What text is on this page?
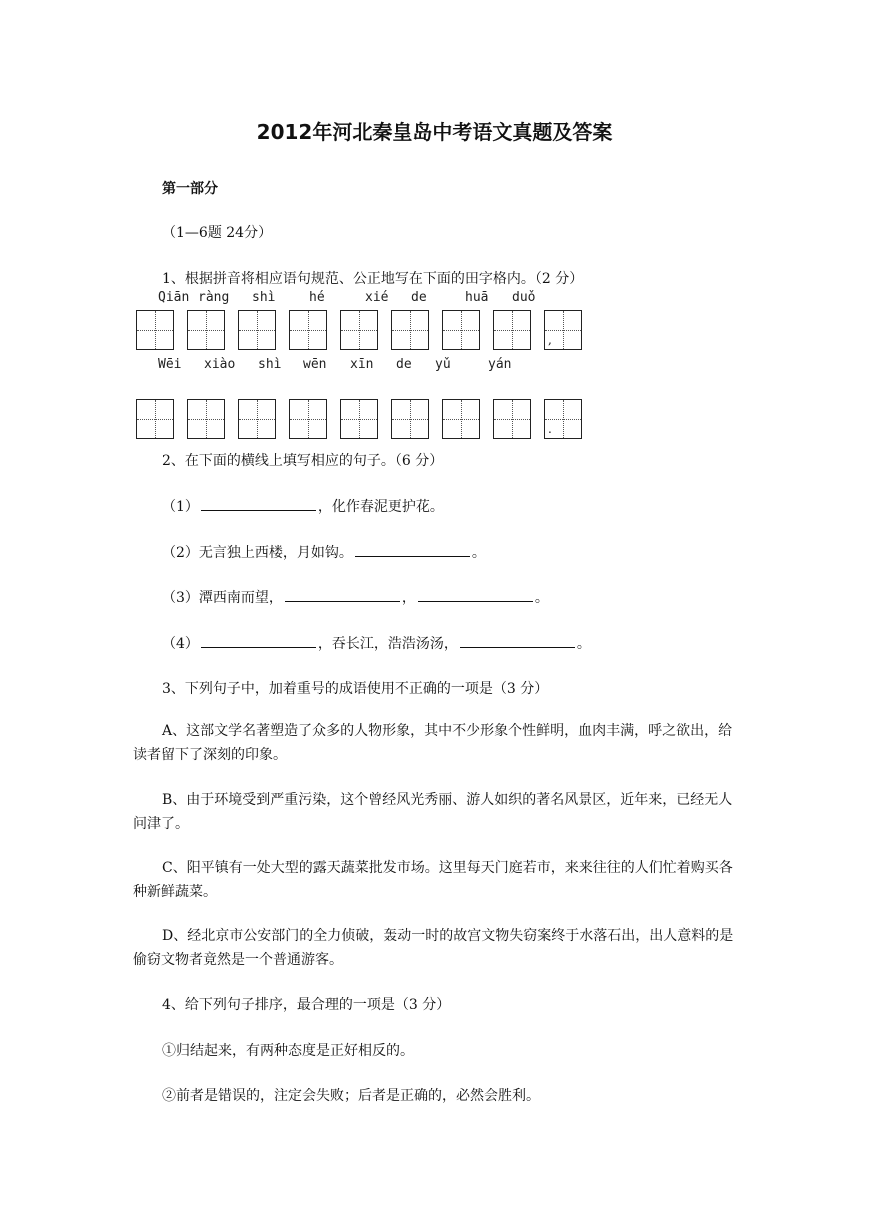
2012年河北秦皇岛中考语文真题及答案
第一部分
（1—6题 24分）
1、根据拼音将相应语句规范、公正地写在下面的田字格内。（2 分）
Qiān ràng shì	hé	xié de	huā duǒ
,
Wēi xiào shì wēn xīn de yǔ	yán
.
2、在下面的横线上填写相应的句子。（6 分）
（1）	，化作春泥更护花。
（2）无言独上西楼，月如钩。	。
（3）潭西南而望，	，	。
（4）	，吞长江，浩浩汤汤，	。
3、下列句子中，加着重号的成语使用不正确的一项是（3 分）
A、这部文学名著塑造了众多的人物形象，其中不少形象个性鲜明，血肉丰满，呼之欲出，给读者留下了深刻的印象。
B、由于环境受到严重污染，这个曾经风光秀丽、游人如织的著名风景区，近年来，已经无人问津了。
C、阳平镇有一处大型的露天蔬菜批发市场。这里每天门庭若市，来来往往的人们忙着购买各种新鲜蔬菜。
D、经北京市公安部门的全力侦破，轰动一时的故宫文物失窃案终于水落石出，出人意料的是偷窃文物者竟然是一个普通游客。
4、给下列句子排序，最合理的一项是（3 分）
①归结起来，有两种态度是正好相反的。
②前者是错误的，注定会失败；后者是正确的，必然会胜利。
